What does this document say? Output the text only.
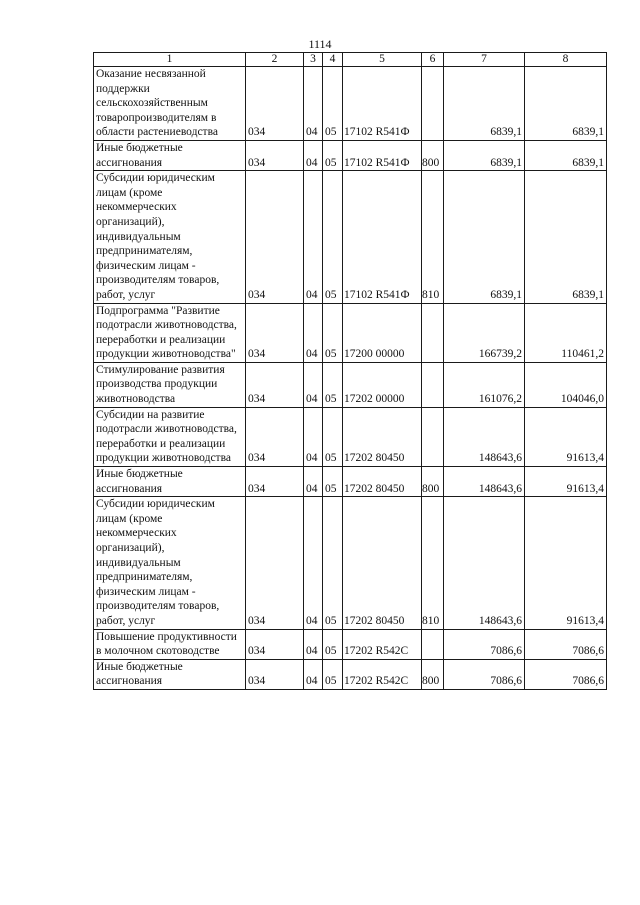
1114
1	2	3	4	5	6	7	8
Оказание несвязанной поддержки сельскохозяйственным товаропроизводителям в области растениеводства	034	04	05	17102 R541Ф		6839,1	6839,1
Иные бюджетные ассигнования	034	04	05	17102 R541Ф	800	6839,1	6839,1
Субсидии юридическим лицам (кроме некоммерческих организаций), индивидуальным предпринимателям, физическим лицам - производителям товаров, работ, услуг	034	04	05	17102 R541Ф	810	6839,1	6839,1
Подпрограмма "Развитие подотрасли животноводства, переработки и реализации продукции животноводства"	034	04	05	17200 00000		166739,2	110461,2
Стимулирование развития производства продукции животноводства	034	04	05	17202 00000		161076,2	104046,0
Субсидии на развитие подотрасли животноводства, переработки и реализации продукции животноводства	034	04	05	17202 80450		148643,6	91613,4
Иные бюджетные ассигнования	034	04	05	17202 80450	800	148643,6	91613,4
Субсидии юридическим лицам (кроме некоммерческих организаций), индивидуальным предпринимателям, физическим лицам - производителям товаров, работ, услуг	034	04	05	17202 80450	810	148643,6	91613,4
Повышение продуктивности в молочном скотоводстве	034	04	05	17202 R542С		7086,6	7086,6
Иные бюджетные ассигнования	034	04	05	17202 R542С	800	7086,6	7086,6
